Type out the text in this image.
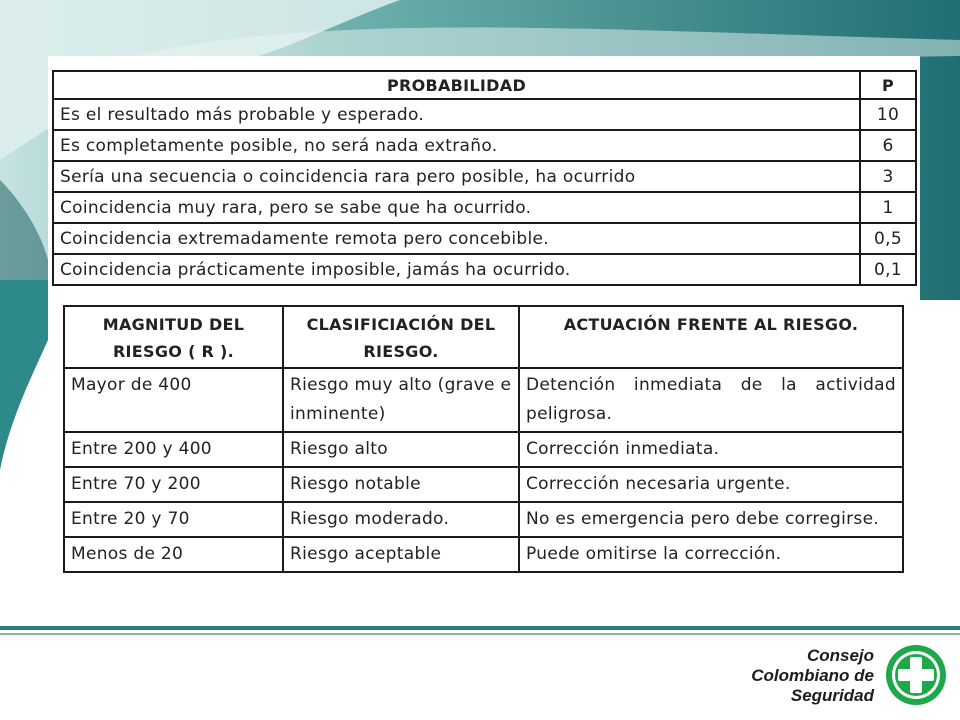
PROBABILIDAD	P
Es el resultado más probable y esperado.	10
Es completamente posible, no será nada extraño.	6
Sería una secuencia o coincidencia rara pero posible, ha ocurrido	3
Coincidencia muy rara, pero se sabe que ha ocurrido.	1
Coincidencia extremadamente remota pero concebible.	0,5
Coincidencia prácticamente imposible, jamás ha ocurrido.	0,1
MAGNITUD DEL RIESGO ( R ).	CLASIFICIACIÓN DEL RIESGO.	ACTUACIÓN FRENTE AL RIESGO.
Mayor de 400	Riesgo muy alto (grave e inminente)	Detención inmediata de la actividad peligrosa.
Entre 200 y 400	Riesgo alto	Corrección inmediata.
Entre 70 y 200	Riesgo notable	Corrección necesaria urgente.
Entre 20 y 70	Riesgo moderado.	No es emergencia pero debe corregirse.
Menos de 20	Riesgo aceptable	Puede omitirse la corrección.
Consejo
Colombiano de
Seguridad
